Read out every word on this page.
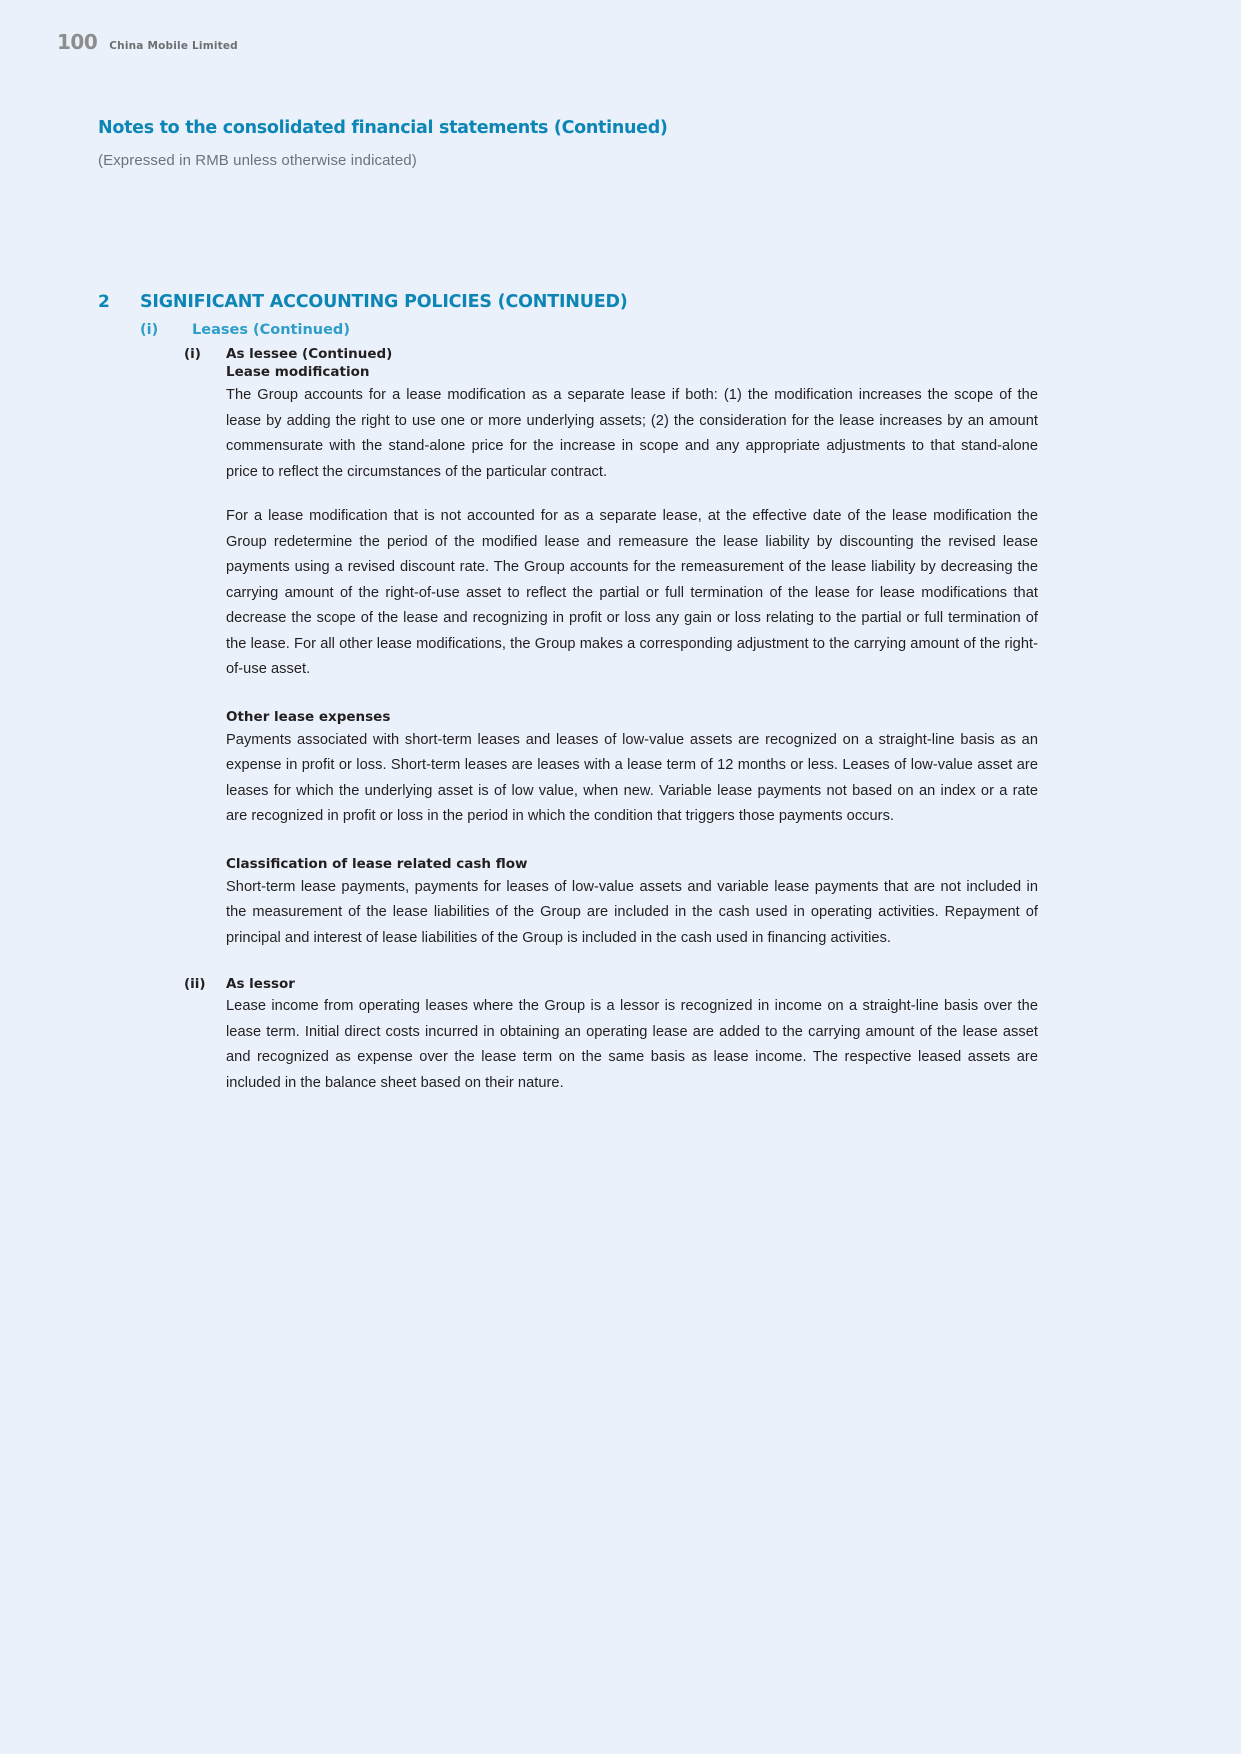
100 China Mobile Limited
Notes to the consolidated financial statements (Continued)
(Expressed in RMB unless otherwise indicated)
2	SIGNIFICANT ACCOUNTING POLICIES (CONTINUED)
(i)	Leases (Continued)
(i)	As lessee (Continued)
Lease modification

The Group accounts for a lease modification as a separate lease if both: (1) the modification increases the scope of the lease by adding the right to use one or more underlying assets; (2) the consideration for the lease increases by an amount commensurate with the stand-alone price for the increase in scope and any appropriate adjustments to that stand-alone price to reflect the circumstances of the particular contract.

For a lease modification that is not accounted for as a separate lease, at the effective date of the lease modification the Group redetermine the period of the modified lease and remeasure the lease liability by discounting the revised lease payments using a revised discount rate. The Group accounts for the remeasurement of the lease liability by decreasing the carrying amount of the right-of-use asset to reflect the partial or full termination of the lease for lease modifications that decrease the scope of the lease and recognizing in profit or loss any gain or loss relating to the partial or full termination of the lease. For all other lease modifications, the Group makes a corresponding adjustment to the carrying amount of the right-of-use asset.

Other lease expenses

Payments associated with short-term leases and leases of low-value assets are recognized on a straight-line basis as an expense in profit or loss. Short-term leases are leases with a lease term of 12 months or less. Leases of low-value asset are leases for which the underlying asset is of low value, when new. Variable lease payments not based on an index or a rate are recognized in profit or loss in the period in which the condition that triggers those payments occurs.

Classification of lease related cash flow

Short-term lease payments, payments for leases of low-value assets and variable lease payments that are not included in the measurement of the lease liabilities of the Group are included in the cash used in operating activities. Repayment of principal and interest of lease liabilities of the Group is included in the cash used in financing activities.

(ii)	As lessor

Lease income from operating leases where the Group is a lessor is recognized in income on a straight-line basis over the lease term. Initial direct costs incurred in obtaining an operating lease are added to the carrying amount of the lease asset and recognized as expense over the lease term on the same basis as lease income. The respective leased assets are included in the balance sheet based on their nature.
